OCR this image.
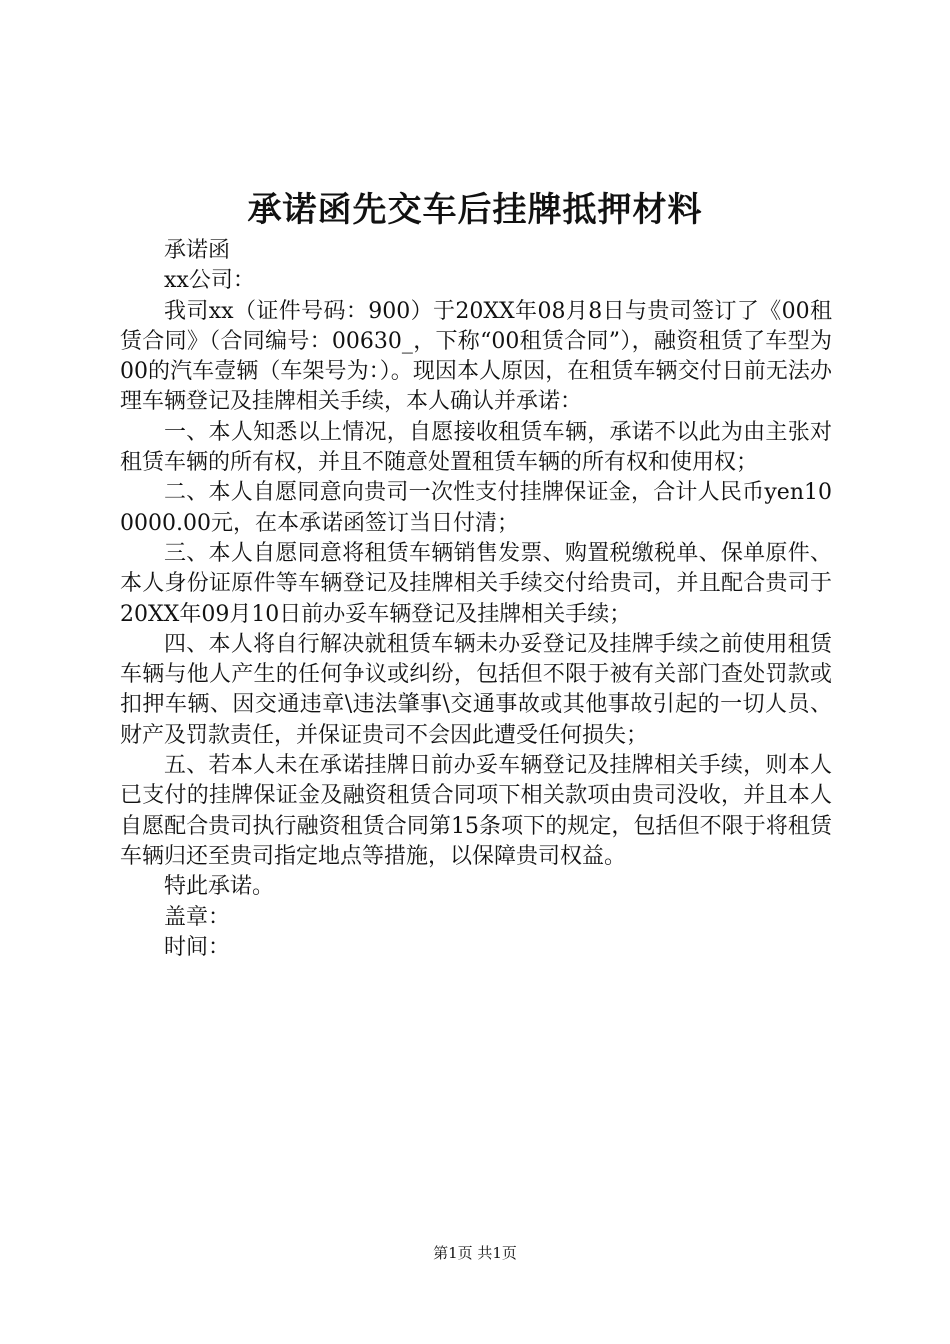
承诺函先交车后挂牌抵押材料

承诺函

xx公司：

我司xx（证件号码：900）于20XX年08月8日与贵司签订了《00租赁合同》（合同编号：00630_，下称“00租赁合同”），融资租赁了车型为00的汽车壹辆（车架号为：）。现因本人原因，在租赁车辆交付日前无法办理车辆登记及挂牌相关手续，本人确认并承诺：

一、本人知悉以上情况，自愿接收租赁车辆，承诺不以此为由主张对租赁车辆的所有权，并且不随意处置租赁车辆的所有权和使用权；

二、本人自愿同意向贵司一次性支付挂牌保证金，合计人民币yen100000.00元，在本承诺函签订当日付清；

三、本人自愿同意将租赁车辆销售发票、购置税缴税单、保单原件、本人身份证原件等车辆登记及挂牌相关手续交付给贵司，并且配合贵司于20XX年09月10日前办妥车辆登记及挂牌相关手续；

四、本人将自行解决就租赁车辆未办妥登记及挂牌手续之前使用租赁车辆与他人产生的任何争议或纠纷，包括但不限于被有关部门查处罚款或扣押车辆、因交通违章\违法肇事\交通事故或其他事故引起的一切人员、财产及罚款责任，并保证贵司不会因此遭受任何损失；

五、若本人未在承诺挂牌日前办妥车辆登记及挂牌相关手续，则本人已支付的挂牌保证金及融资租赁合同项下相关款项由贵司没收，并且本人自愿配合贵司执行融资租赁合同第15条项下的规定，包括但不限于将租赁车辆归还至贵司指定地点等措施，以保障贵司权益。

特此承诺。

盖章：

时间：

第1页 共1页
